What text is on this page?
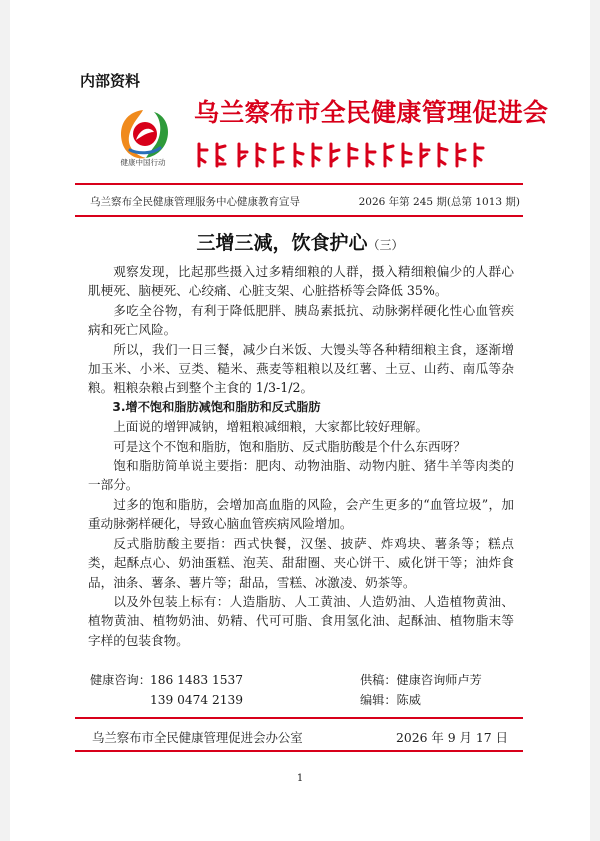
内部资料
健康中国行动
乌兰察布市全民健康管理促进会
乌兰察布全民健康管理服务中心健康教育宣导	2026 年第 245 期(总第 1013 期)
三增三减，饮食护心（三）

观察发现，比起那些摄入过多精细粮的人群，摄入精细粮偏少的人群心肌梗死、脑梗死、心绞痛、心脏支架、心脏搭桥等会降低 35%。

多吃全谷物，有利于降低肥胖、胰岛素抵抗、动脉粥样硬化性心血管疾病和死亡风险。

所以，我们一日三餐，减少白米饭、大馒头等各种精细粮主食，逐渐增加玉米、小米、豆类、糙米、燕麦等粗粮以及红薯、土豆、山药、南瓜等杂粮。粗粮杂粮占到整个主食的 1/3-1/2。

3.增不饱和脂肪减饱和脂肪和反式脂肪

上面说的增钾减钠，增粗粮减细粮，大家都比较好理解。

可是这个不饱和脂肪，饱和脂肪、反式脂肪酸是个什么东西呀？

饱和脂肪简单说主要指：肥肉、动物油脂、动物内脏、猪牛羊等肉类的一部分。

过多的饱和脂肪，会增加高血脂的风险，会产生更多的“血管垃圾”，加重动脉粥样硬化，导致心脑血管疾病风险增加。

反式脂肪酸主要指：西式快餐，汉堡、披萨、炸鸡块、薯条等；糕点类，起酥点心、奶油蛋糕、泡芙、甜甜圈、夹心饼干、威化饼干等；油炸食品，油条、薯条、薯片等；甜品，雪糕、冰激凌、奶茶等。

以及外包装上标有：人造脂肪、人工黄油、人造奶油、人造植物黄油、植物黄油、植物奶油、奶精、代可可脂、食用氢化油、起酥油、植物脂末等字样的包装食物。

健康咨询： 186 1483 1537	供稿：健康咨询师卢芳
139 0474 2139	编辑：陈威
乌兰察布市全民健康管理促进会办公室	2026 年 9 月 17 日
1
